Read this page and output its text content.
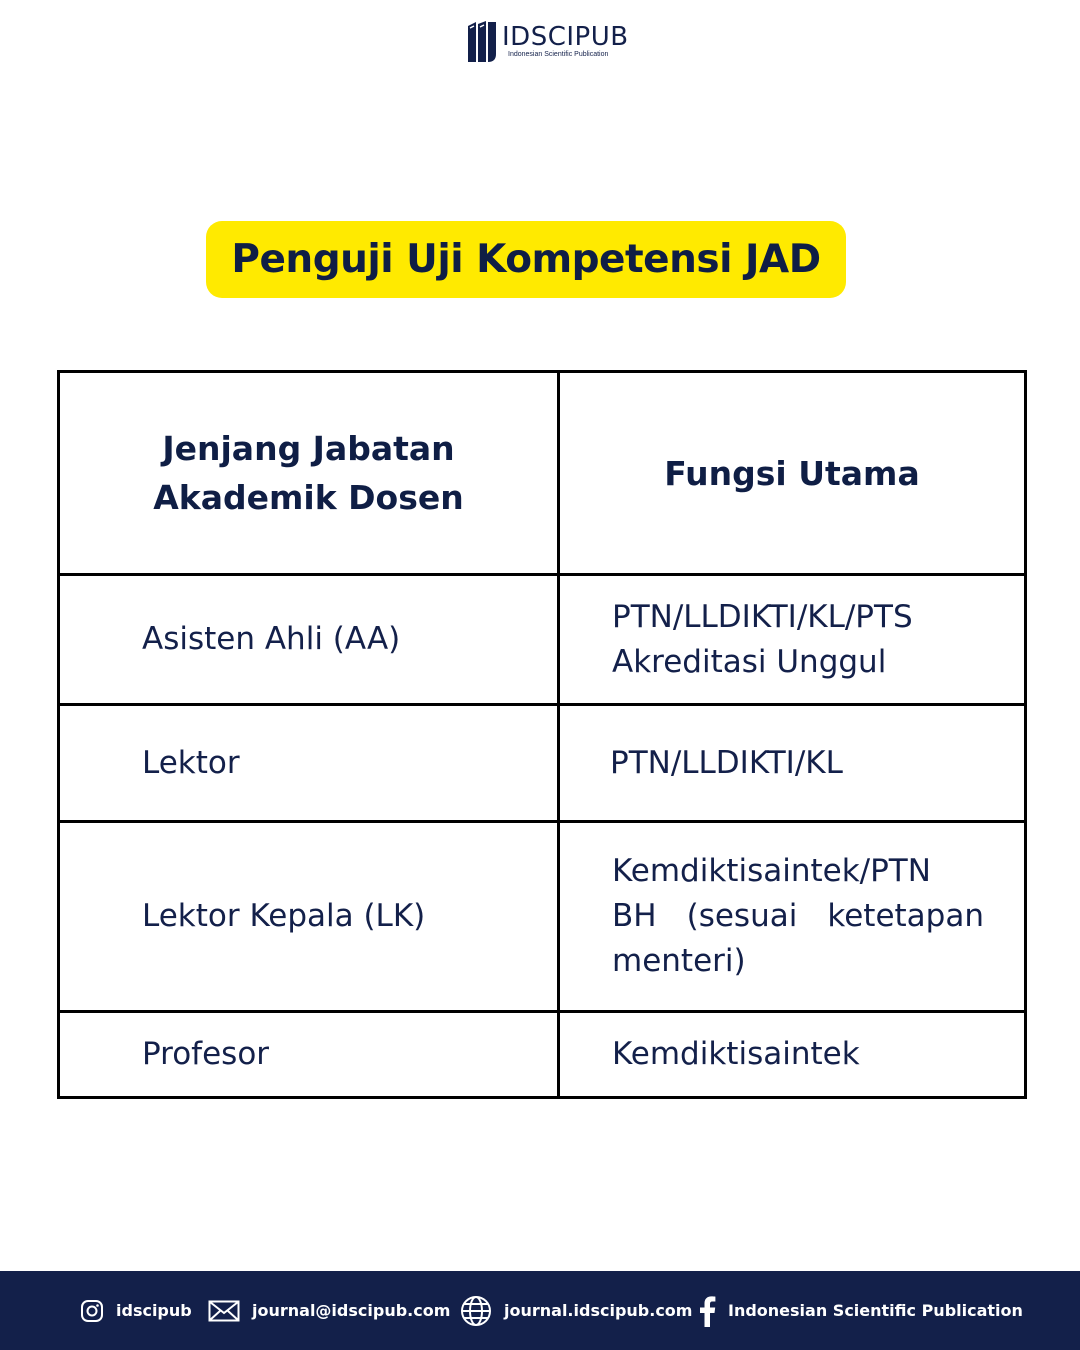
IDSCIPUB
Indonesian Scientific Publication
Penguji Uji Kompetensi JAD
Jenjang Jabatan
Akademik Dosen	Fungsi Utama
Asisten Ahli (AA)	PTN/LLDIKTI/KL/PTS
Akreditasi Unggul

Lektor	PTN/LLDIKTI/KL
Lektor Kepala (LK)	Kemdiktisaintek/PTN BH (sesuai ketetapan menteri)
Profesor	Kemdiktisaintek
idscipub	journal@idscipub.com	journal.idscipub.com Indonesian Scientific Publication
